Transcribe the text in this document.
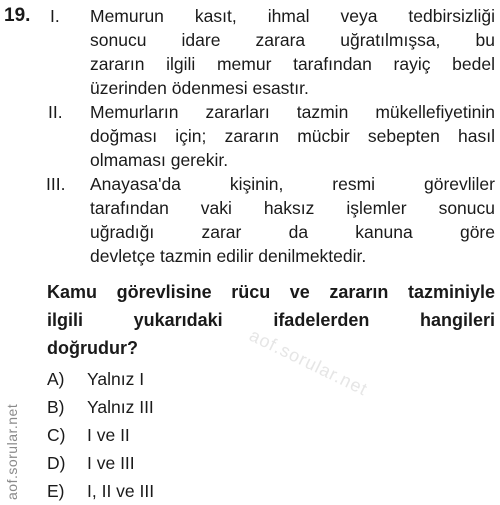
aof.sorular.net
19. I. Memurun kasıt, ihmal veya tedbirsizliği
sonucu idare zarara uğratılmışsa, bu
zararın ilgili memur tarafından rayiç bedel
üzerinden ödenmesi esastır.
II. Memurların zararları tazmin mükellefiyetinin
doğması için; zararın mücbir sebepten hasıl
olmaması gerekir.
III. Anayasa'da kişinin, resmi görevliler
tarafından vaki haksız işlemler sonucu
uğradığı zarar da kanuna göre
devletçe tazmin edilir denilmektedir.
Kamu görevlisine rücu ve zararın tazminiyle
ilgili yukarıdaki ifadelerden hangileri
doğrudur?
A)	Yalnız I
B)	Yalnız III
C)	I ve II
D)	I ve III
E)	I, II ve III
aof.sorular.net
